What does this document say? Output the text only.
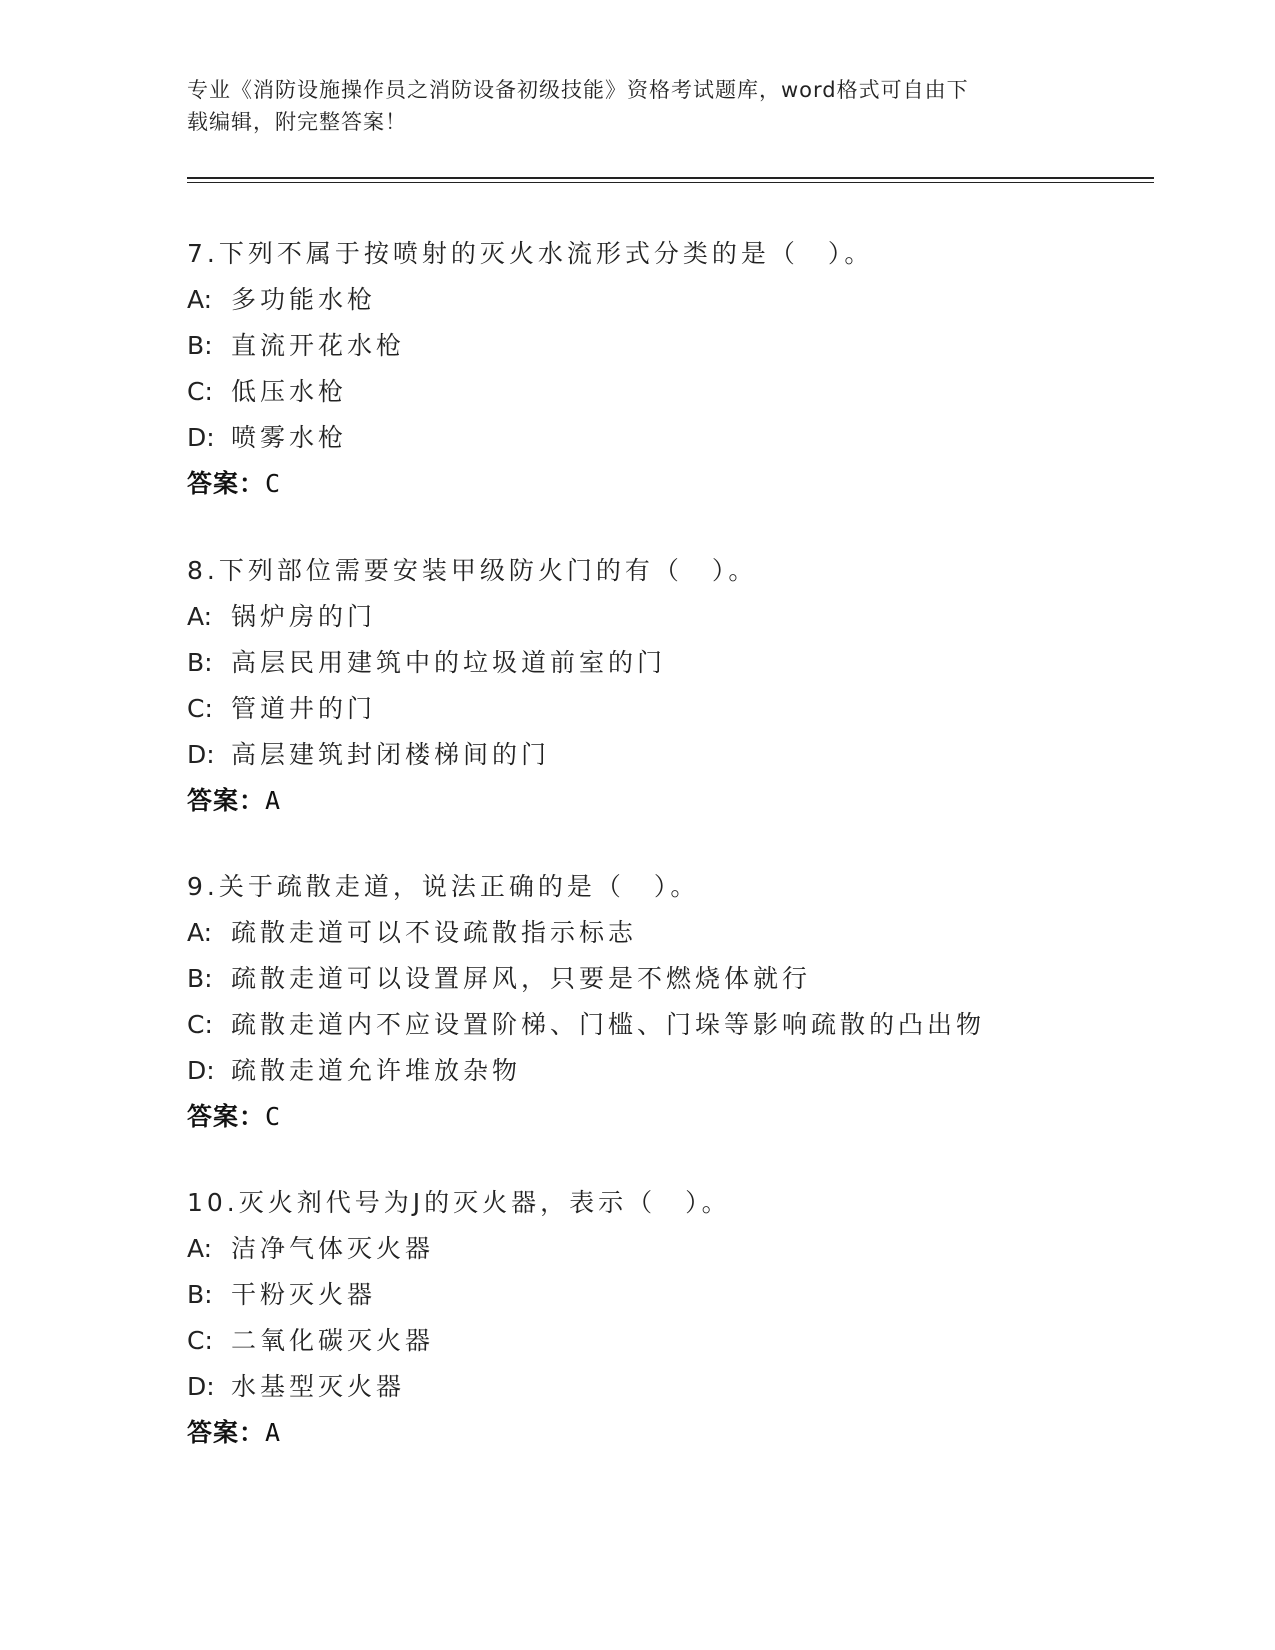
专业《消防设施操作员之消防设备初级技能》资格考试题库，word格式可自由下
载编辑，附完整答案！
7.下列不属于按喷射的灭火水流形式分类的是（　）。
A: 多功能水枪
B: 直流开花水枪
C: 低压水枪
D: 喷雾水枪
答案：C
8.下列部位需要安装甲级防火门的有（　）。
A: 锅炉房的门
B: 高层民用建筑中的垃圾道前室的门
C: 管道井的门
D: 高层建筑封闭楼梯间的门
答案：A
9.关于疏散走道，说法正确的是（　）。
A: 疏散走道可以不设疏散指示标志
B: 疏散走道可以设置屏风，只要是不燃烧体就行
C: 疏散走道内不应设置阶梯、门槛、门垛等影响疏散的凸出物
D: 疏散走道允许堆放杂物
答案：C
10.灭火剂代号为J的灭火器，表示（　）。
A: 洁净气体灭火器
B: 干粉灭火器
C: 二氧化碳灭火器
D: 水基型灭火器
答案：A
